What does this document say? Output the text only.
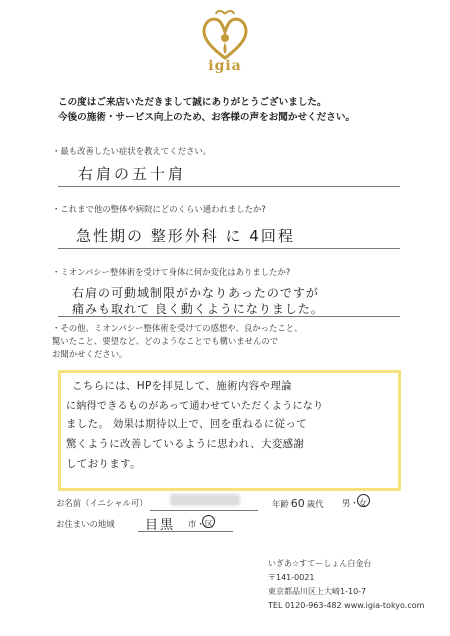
igia
この度はご来店いただきまして誠にありがとうございました。
今後の施術・サービス向上のため、お客様の声をお聞かせください。
・最も改善したい症状を教えてください。
右肩の五十肩
・これまで他の整体や病院にどのくらい通われましたか?
急性期の 整形外科 に 4回程
・ミオンパシー整体術を受けて身体に何か変化はありましたか?
右肩の可動域制限がかなりあったのですが
痛みも取れて 良く動くようになりました。
・その他、ミオンパシー整体術を受けての感想や、良かったこと、
驚いたこと、要望など、どのようなことでも構いませんので
お聞かせください。
こちらには、HPを拝見して、施術内容や理論
に納得できるものがあって通わせていただくようになり
ました。 効果は期待以上で、回を重ねるに従って
驚くように改善しているように思われ、大変感謝
しております。
お名前（イニシャル可）	年齢 60 歳代 男・女
お住まいの地域 目黒 市・区
いぎあ☆すてーしょん白金台
〒141-0021
東京都品川区上大崎1-10-7
TEL 0120-963-482 www.igia-tokyo.com
